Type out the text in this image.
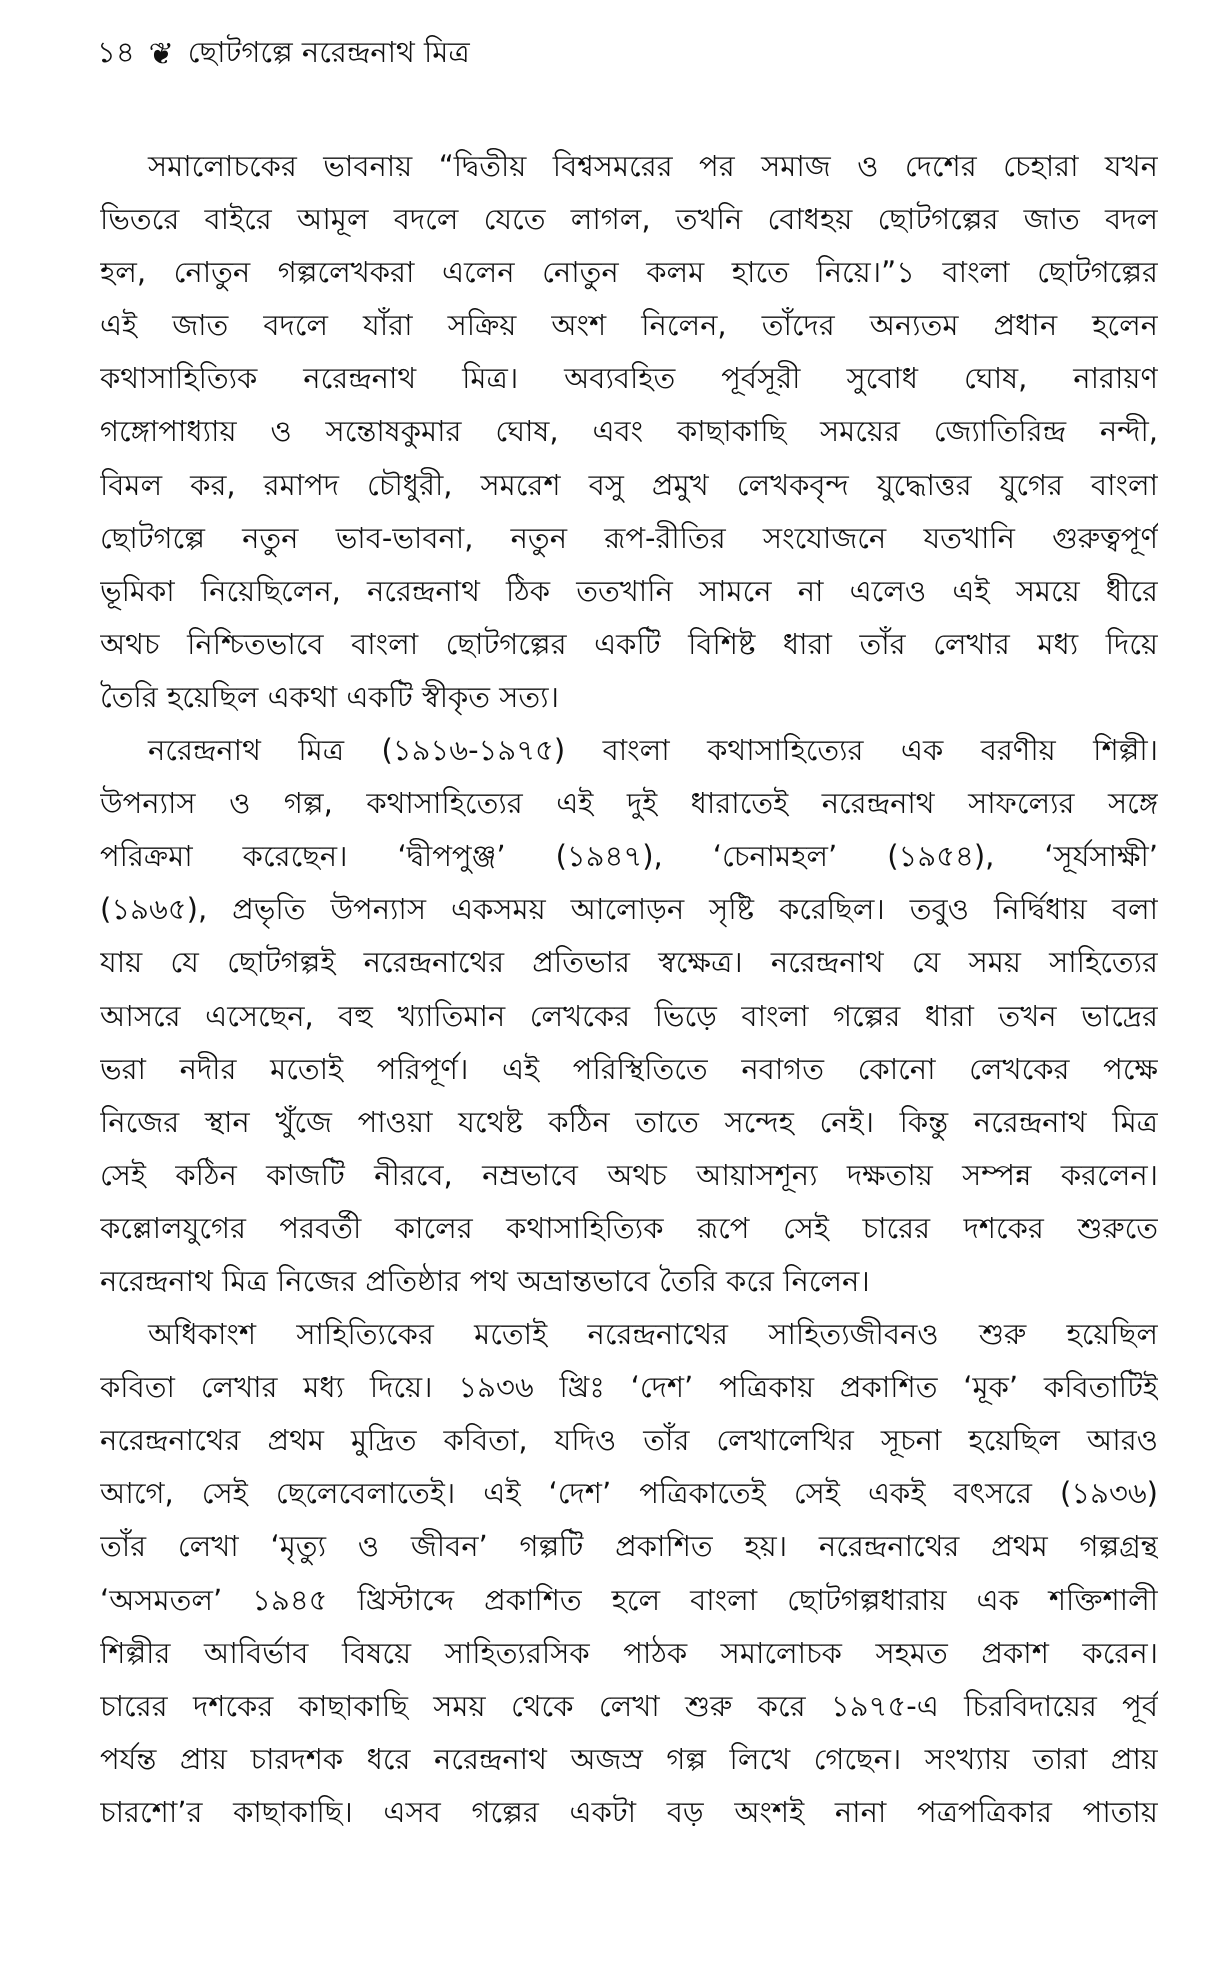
১৪ ❦ ছোটগল্পে নরেন্দ্রনাথ মিত্র
সমালোচকের ভাবনায় “দ্বিতীয় বিশ্বসমরের পর সমাজ ও দেশের চেহারা যখন
ভিতরে বাইরে আমূল বদলে যেতে লাগল, তখনি বোধহয় ছোটগল্পের জাত বদল
হল, নোতুন গল্পলেখকরা এলেন নোতুন কলম হাতে নিয়ে।”১ বাংলা ছোটগল্পের
এই জাত বদলে যাঁরা সক্রিয় অংশ নিলেন, তাঁদের অন্যতম প্রধান হলেন
কথাসাহিত্যিক নরেন্দ্রনাথ মিত্র। অব্যবহিত পূর্বসূরী সুবোধ ঘোষ, নারায়ণ
গঙ্গোপাধ্যায় ও সন্তোষকুমার ঘোষ, এবং কাছাকাছি সময়ের জ্যোতিরিন্দ্র নন্দী,
বিমল কর, রমাপদ চৌধুরী, সমরেশ বসু প্রমুখ লেখকবৃন্দ যুদ্ধোত্তর যুগের বাংলা
ছোটগল্পে নতুন ভাব-ভাবনা, নতুন রূপ-রীতির সংযোজনে যতখানি গুরুত্বপূর্ণ
ভূমিকা নিয়েছিলেন, নরেন্দ্রনাথ ঠিক ততখানি সামনে না এলেও এই সময়ে ধীরে
অথচ নিশ্চিতভাবে বাংলা ছোটগল্পের একটি বিশিষ্ট ধারা তাঁর লেখার মধ্য দিয়ে
তৈরি হয়েছিল একথা একটি স্বীকৃত সত্য।
নরেন্দ্রনাথ মিত্র (১৯১৬-১৯৭৫) বাংলা কথাসাহিত্যের এক বরণীয় শিল্পী।
উপন্যাস ও গল্প, কথাসাহিত্যের এই দুই ধারাতেই নরেন্দ্রনাথ সাফল্যের সঙ্গে
পরিক্রমা করেছেন। ‘দ্বীপপুঞ্জ’ (১৯৪৭), ‘চেনামহল’ (১৯৫৪), ‘সূর্যসাক্ষী’
(১৯৬৫), প্রভৃতি উপন্যাস একসময় আলোড়ন সৃষ্টি করেছিল। তবুও নির্দ্বিধায় বলা
যায় যে ছোটগল্পই নরেন্দ্রনাথের প্রতিভার স্বক্ষেত্র। নরেন্দ্রনাথ যে সময় সাহিত্যের
আসরে এসেছেন, বহু খ্যাতিমান লেখকের ভিড়ে বাংলা গল্পের ধারা তখন ভাদ্রের
ভরা নদীর মতোই পরিপূর্ণ। এই পরিস্থিতিতে নবাগত কোনো লেখকের পক্ষে
নিজের স্থান খুঁজে পাওয়া যথেষ্ট কঠিন তাতে সন্দেহ নেই। কিন্তু নরেন্দ্রনাথ মিত্র
সেই কঠিন কাজটি নীরবে, নম্রভাবে অথচ আয়াসশূন্য দক্ষতায় সম্পন্ন করলেন।
কল্লোলযুগের পরবর্তী কালের কথাসাহিত্যিক রূপে সেই চারের দশকের শুরুতে
নরেন্দ্রনাথ মিত্র নিজের প্রতিষ্ঠার পথ অভ্রান্তভাবে তৈরি করে নিলেন।
অধিকাংশ সাহিত্যিকের মতোই নরেন্দ্রনাথের সাহিত্যজীবনও শুরু হয়েছিল
কবিতা লেখার মধ্য দিয়ে। ১৯৩৬ খ্রিঃ ‘দেশ’ পত্রিকায় প্রকাশিত ‘মূক’ কবিতাটিই
নরেন্দ্রনাথের প্রথম মুদ্রিত কবিতা, যদিও তাঁর লেখালেখির সূচনা হয়েছিল আরও
আগে, সেই ছেলেবেলাতেই। এই ‘দেশ’ পত্রিকাতেই সেই একই বৎসরে (১৯৩৬)
তাঁর লেখা ‘মৃত্যু ও জীবন’ গল্পটি প্রকাশিত হয়। নরেন্দ্রনাথের প্রথম গল্পগ্রন্থ
‘অসমতল’ ১৯৪৫ খ্রিস্টাব্দে প্রকাশিত হলে বাংলা ছোটগল্পধারায় এক শক্তিশালী
শিল্পীর আবির্ভাব বিষয়ে সাহিত্যরসিক পাঠক সমালোচক সহমত প্রকাশ করেন।
চারের দশকের কাছাকাছি সময় থেকে লেখা শুরু করে ১৯৭৫-এ চিরবিদায়ের পূর্ব
পর্যন্ত প্রায় চারদশক ধরে নরেন্দ্রনাথ অজস্র গল্প লিখে গেছেন। সংখ্যায় তারা প্রায়
চারশো’র কাছাকাছি। এসব গল্পের একটা বড় অংশই নানা পত্রপত্রিকার পাতায়
